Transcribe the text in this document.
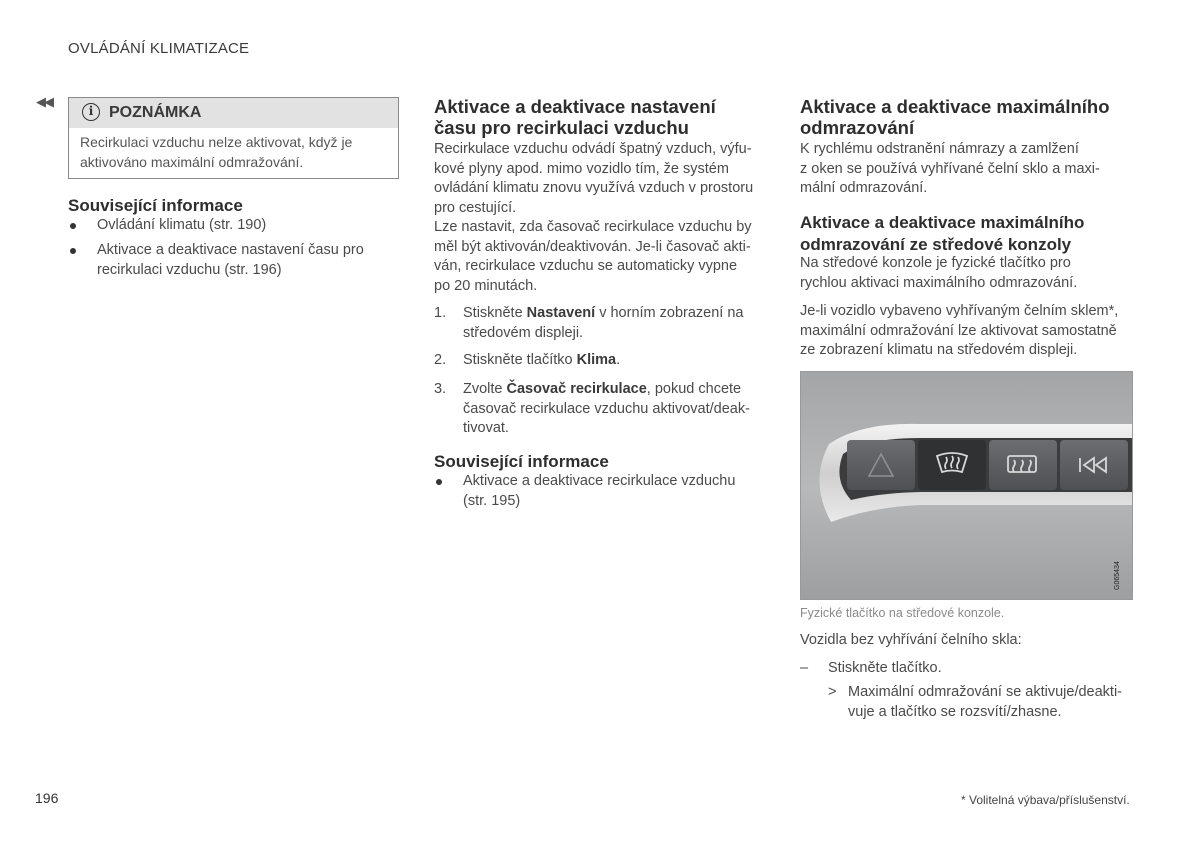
OVLÁDÁNÍ KLIMATIZACE
◀◀
i POZNÁMKA
Recirkulaci vzduchu nelze aktivovat, když je
aktivováno maximální odmražování.
Související informace
Ovládání klimatu (str. 190)
Aktivace a deaktivace nastavení času pro
recirkulaci vzduchu (str. 196)
Aktivace a deaktivace nastavení
času pro recirkulaci vzduchu
Recirkulace vzduchu odvádí špatný vzduch, výfu-
kové plyny apod. mimo vozidlo tím, že systém
ovládání klimatu znovu využívá vzduch v prostoru
pro cestující.
Lze nastavit, zda časovač recirkulace vzduchu by
měl být aktivován/deaktivován. Je-li časovač akti-
ván, recirkulace vzduchu se automaticky vypne
po 20 minutách.
1. Stiskněte Nastavení v horním zobrazení na
středovém displeji.
2. Stiskněte tlačítko Klima.
3. Zvolte Časovač recirkulace, pokud chcete
časovač recirkulace vzduchu aktivovat/deak-
tivovat.
Související informace
Aktivace a deaktivace recirkulace vzduchu
(str. 195)
Aktivace a deaktivace maximálního
odmrazování
K rychlému odstranění námrazy a zamlžení
z oken se používá vyhřívané čelní sklo a maxi-
mální odmrazování.
Aktivace a deaktivace maximálního
odmrazování ze středové konzoly
Na středové konzole je fyzické tlačítko pro
rychlou aktivaci maximálního odmrazování.
Je-li vozidlo vybaveno vyhřívaným čelním sklem*,
maximální odmražování lze aktivovat samostatně
ze zobrazení klimatu na středovém displeji.
G065434
Fyzické tlačítko na středové konzole.
Vozidla bez vyhřívání čelního skla:
– Stiskněte tlačítko.
> Maximální odmražování se aktivuje/deakti-
vuje a tlačítko se rozsvítí/zhasne.
196	* Volitelná výbava/příslušenství.
